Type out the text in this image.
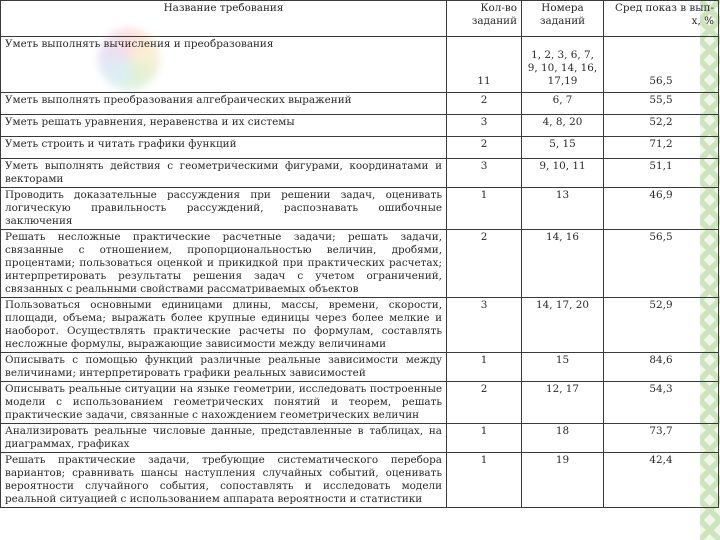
Название требования	Кол-во заданий	Номера заданий	Сред показ в вып-х, %
Уметь выполнять вычисления и преобразования	11	1, 2, 3, 6, 7, 9, 10, 14, 16, 17,19	56,5
Уметь выполнять преобразования алгебраических выражений	2	6, 7	55,5
Уметь решать уравнения, неравенства и их системы	3	4, 8, 20	52,2
Уметь строить и читать графики функций	2	5, 15	71,2
Уметь выполнять действия с геометрическими фигурами, координатами и векторами	3	9, 10, 11	51,1
Проводить доказательные рассуждения при решении задач, оценивать логическую правильность рассуждений, распознавать ошибочные заключения	1	13	46,9
Решать несложные практические расчетные задачи; решать задачи, связанные с отношением, пропорциональностью величин, дробями, процентами; пользоваться оценкой и прикидкой при практических расчетах; интерпретировать результаты решения задач с учетом ограничений, связанных с реальными свойствами рассматриваемых объектов	2	14, 16	56,5
Пользоваться основными единицами длины, массы, времени, скорости, площади, объема; выражать более крупные единицы через более мелкие и наоборот. Осуществлять практические расчеты по формулам, составлять несложные формулы, выражающие зависимости между величинами	3	14, 17, 20	52,9
Описывать с помощью функций различные реальные зависимости между величинами; интерпретировать графики реальных зависимостей	1	15	84,6
Описывать реальные ситуации на языке геометрии, исследовать построенные модели с использованием геометрических понятий и теорем, решать практические задачи, связанные с нахождением геометрических величин	2	12, 17	54,3
Анализировать реальные числовые данные, представленные в таблицах, на диаграммах, графиках	1	18	73,7
Решать практические задачи, требующие систематического перебора вариантов; сравнивать шансы наступления случайных событий, оценивать вероятности случайного события, сопоставлять и исследовать модели реальной ситуацией с использованием аппарата вероятности и статистики	1	19	42,4
